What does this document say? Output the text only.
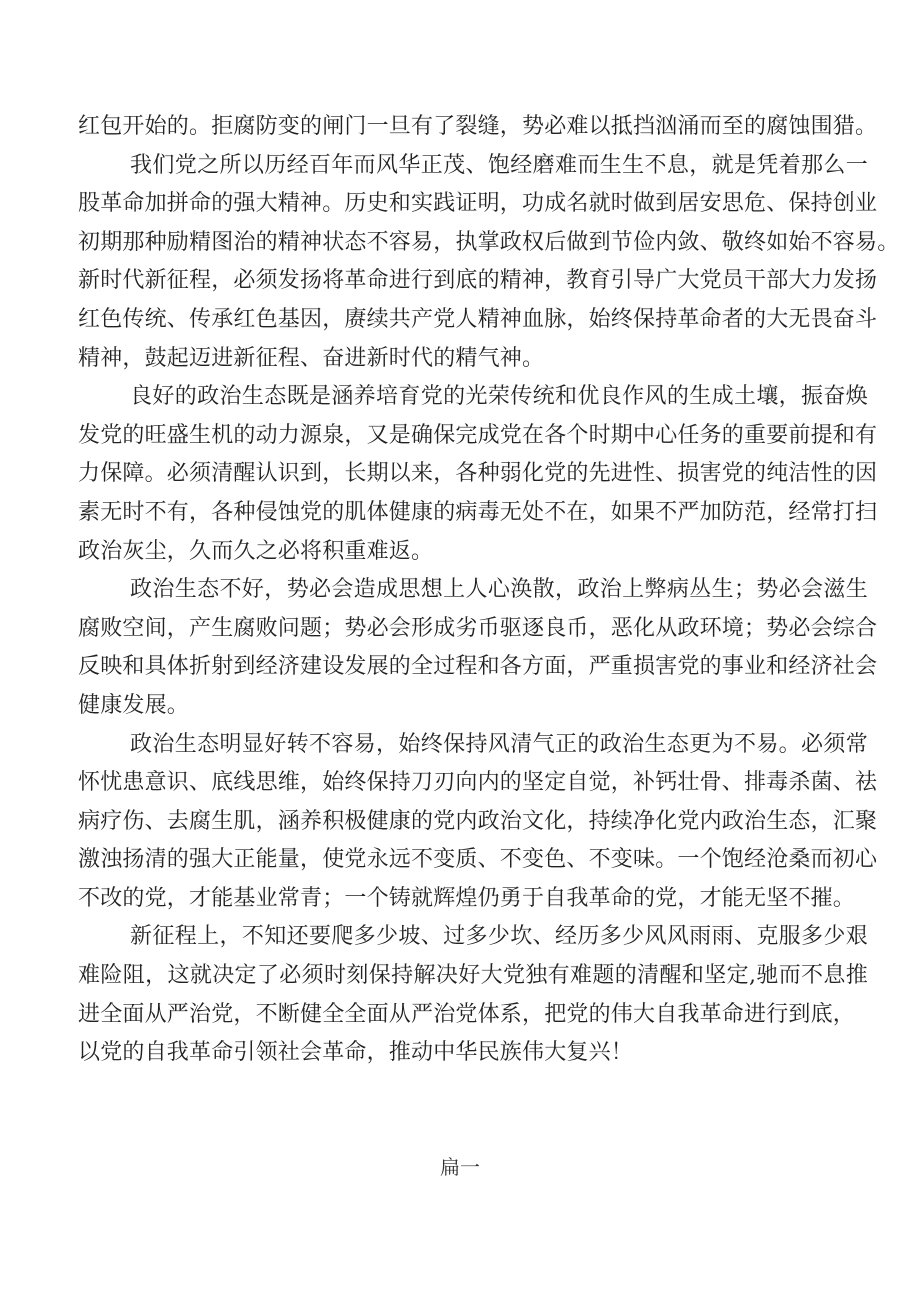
红包开始的。拒腐防变的闸门一旦有了裂缝，势必难以抵挡汹涌而至的腐蚀围猎。
我们党之所以历经百年而风华正茂、饱经磨难而生生不息，就是凭着那么一
股革命加拼命的强大精神。历史和实践证明，功成名就时做到居安思危、保持创业
初期那种励精图治的精神状态不容易，执掌政权后做到节俭内敛、敬终如始不容易。
新时代新征程，必须发扬将革命进行到底的精神，教育引导广大党员干部大力发扬
红色传统、传承红色基因，赓续共产党人精神血脉，始终保持革命者的大无畏奋斗
精神，鼓起迈进新征程、奋进新时代的精气神。
良好的政治生态既是涵养培育党的光荣传统和优良作风的生成土壤，振奋焕
发党的旺盛生机的动力源泉，又是确保完成党在各个时期中心任务的重要前提和有
力保障。必须清醒认识到，长期以来，各种弱化党的先进性、损害党的纯洁性的因
素无时不有，各种侵蚀党的肌体健康的病毒无处不在，如果不严加防范，经常打扫
政治灰尘，久而久之必将积重难返。
政治生态不好，势必会造成思想上人心涣散，政治上弊病丛生；势必会滋生
腐败空间，产生腐败问题；势必会形成劣币驱逐良币，恶化从政环境；势必会综合
反映和具体折射到经济建设发展的全过程和各方面，严重损害党的事业和经济社会
健康发展。
政治生态明显好转不容易，始终保持风清气正的政治生态更为不易。必须常
怀忧患意识、底线思维，始终保持刀刃向内的坚定自觉，补钙壮骨、排毒杀菌、祛
病疗伤、去腐生肌，涵养积极健康的党内政治文化，持续净化党内政治生态，汇聚
激浊扬清的强大正能量，使党永远不变质、不变色、不变味。一个饱经沧桑而初心
不改的党，才能基业常青；一个铸就辉煌仍勇于自我革命的党，才能无坚不摧。
新征程上，不知还要爬多少坡、过多少坎、经历多少风风雨雨、克服多少艰
难险阻，这就决定了必须时刻保持解决好大党独有难题的清醒和坚定,驰而不息推
进全面从严治党，不断健全全面从严治党体系，把党的伟大自我革命进行到底，
以党的自我革命引领社会革命，推动中华民族伟大复兴！
扁一
